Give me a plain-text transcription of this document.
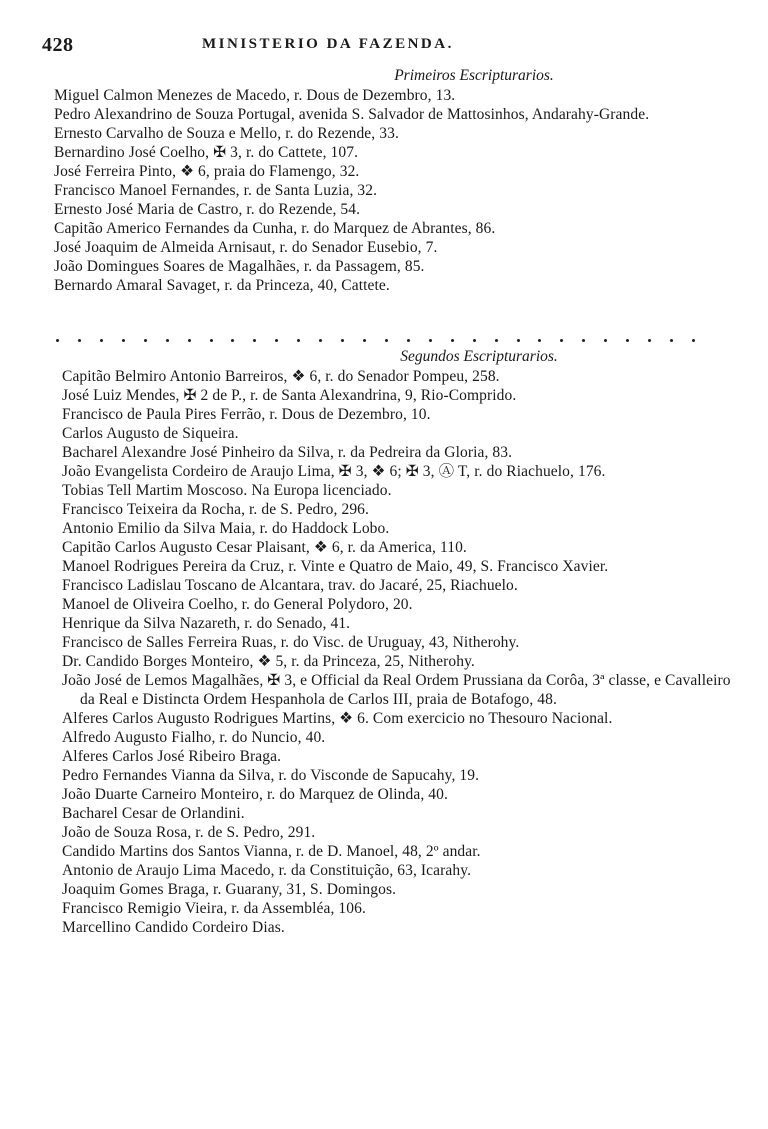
428	MINISTERIO DA FAZENDA.

Primeiros Escripturarios.

Miguel Calmon Menezes de Macedo, r. Dous de Dezembro, 13.
Pedro Alexandrino de Souza Portugal, avenida S. Salvador de Mattosinhos, Andarahy-Grande.
Ernesto Carvalho de Souza e Mello, r. do Rezende, 33.
Bernardino José Coelho, ✠ 3, r. do Cattete, 107.
José Ferreira Pinto, ❖ 6, praia do Flamengo, 32.
Francisco Manoel Fernandes, r. de Santa Luzia, 32.
Ernesto José Maria de Castro, r. do Rezende, 54.
Capitão Americo Fernandes da Cunha, r. do Marquez de Abrantes, 86.
José Joaquim de Almeida Arnisaut, r. do Senador Eusebio, 7.
João Domingues Soares de Magalhães, r. da Passagem, 85.
Bernardo Amaral Savaget, r. da Princeza, 40, Cattete.

Segundos Escripturarios.

Capitão Belmiro Antonio Barreiros, ❖ 6, r. do Senador Pompeu, 258.
José Luiz Mendes, ✠ 2 de P., r. de Santa Alexandrina, 9, Rio-Comprido.
Francisco de Paula Pires Ferrão, r. Dous de Dezembro, 10.
Carlos Augusto de Siqueira.
Bacharel Alexandre José Pinheiro da Silva, r. da Pedreira da Gloria, 83.
João Evangelista Cordeiro de Araujo Lima, ✠ 3, ❖ 6; ✠ 3, Ⓐ T, r. do Riachuelo, 176.
Tobias Tell Martim Moscoso. Na Europa licenciado.
Francisco Teixeira da Rocha, r. de S. Pedro, 296.
Antonio Emilio da Silva Maia, r. do Haddock Lobo.
Capitão Carlos Augusto Cesar Plaisant, ❖ 6, r. da America, 110.
Manoel Rodrigues Pereira da Cruz, r. Vinte e Quatro de Maio, 49, S. Francisco Xavier.
Francisco Ladislau Toscano de Alcantara, trav. do Jacaré, 25, Riachuelo.
Manoel de Oliveira Coelho, r. do General Polydoro, 20.
Henrique da Silva Nazareth, r. do Senado, 41.
Francisco de Salles Ferreira Ruas, r. do Visc. de Uruguay, 43, Nitherohy.
Dr. Candido Borges Monteiro, ❖ 5, r. da Princeza, 25, Nitherohy.
João José de Lemos Magalhães, ✠ 3, e Official da Real Ordem Prussiana da Corôa, 3ª classe, e Cavalleiro da Real e Distincta Ordem Hespanhola de Carlos III, praia de Botafogo, 48.
Alferes Carlos Augusto Rodrigues Martins, ❖ 6. Com exercicio no Thesouro Nacional.
Alfredo Augusto Fialho, r. do Nuncio, 40.
Alferes Carlos José Ribeiro Braga.
Pedro Fernandes Vianna da Silva, r. do Visconde de Sapucahy, 19.
João Duarte Carneiro Monteiro, r. do Marquez de Olinda, 40.
Bacharel Cesar de Orlandini.
João de Souza Rosa, r. de S. Pedro, 291.
Candido Martins dos Santos Vianna, r. de D. Manoel, 48, 2º andar.
Antonio de Araujo Lima Macedo, r. da Constituição, 63, Icarahy.
Joaquim Gomes Braga, r. Guarany, 31, S. Domingos.
Francisco Remigio Vieira, r. da Assembléa, 106.
Marcellino Candido Cordeiro Dias.
